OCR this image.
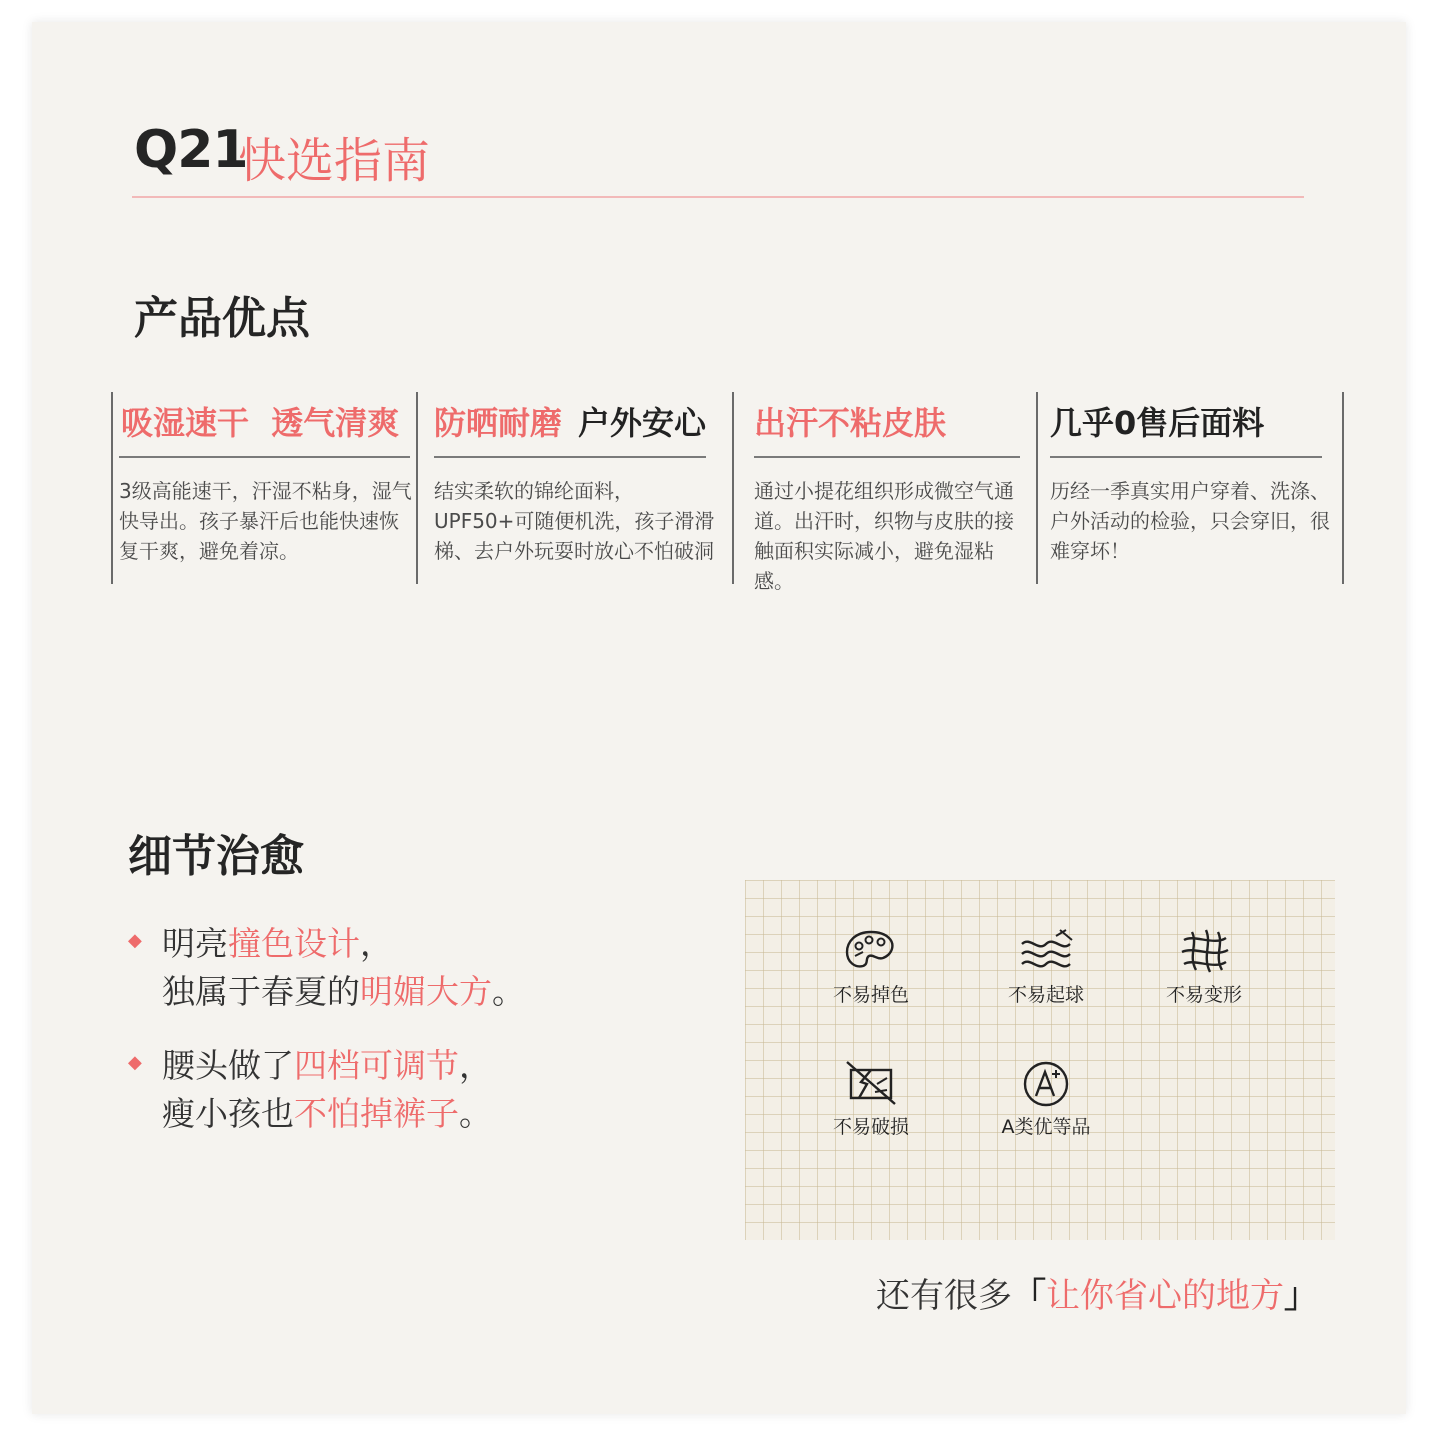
Q21
快选指南
产品优点
吸湿速干  透气清爽
3级高能速干，汗湿不粘身，湿气快导出。孩子暴汗后也能快速恢复干爽，避免着凉。
防晒耐磨 户外安心
结实柔软的锦纶面料，UPF50+可随便机洗，孩子滑滑梯、去户外玩耍时放心不怕破洞
出汗不粘皮肤
通过小提花组织形成微空气通道。出汗时，织物与皮肤的接触面积实际减小，避免湿粘感。
几乎0售后面料
历经一季真实用户穿着、洗涤、户外活动的检验，只会穿旧，很难穿坏！
细节治愈
◆ 明亮撞色设计，
独属于春夏的明媚大方。
◆ 腰头做了四档可调节，
瘦小孩也不怕掉裤子。
不易掉色	不易起球	不易变形
不易破损	A类优等品
还有很多「让你省心的地方」
